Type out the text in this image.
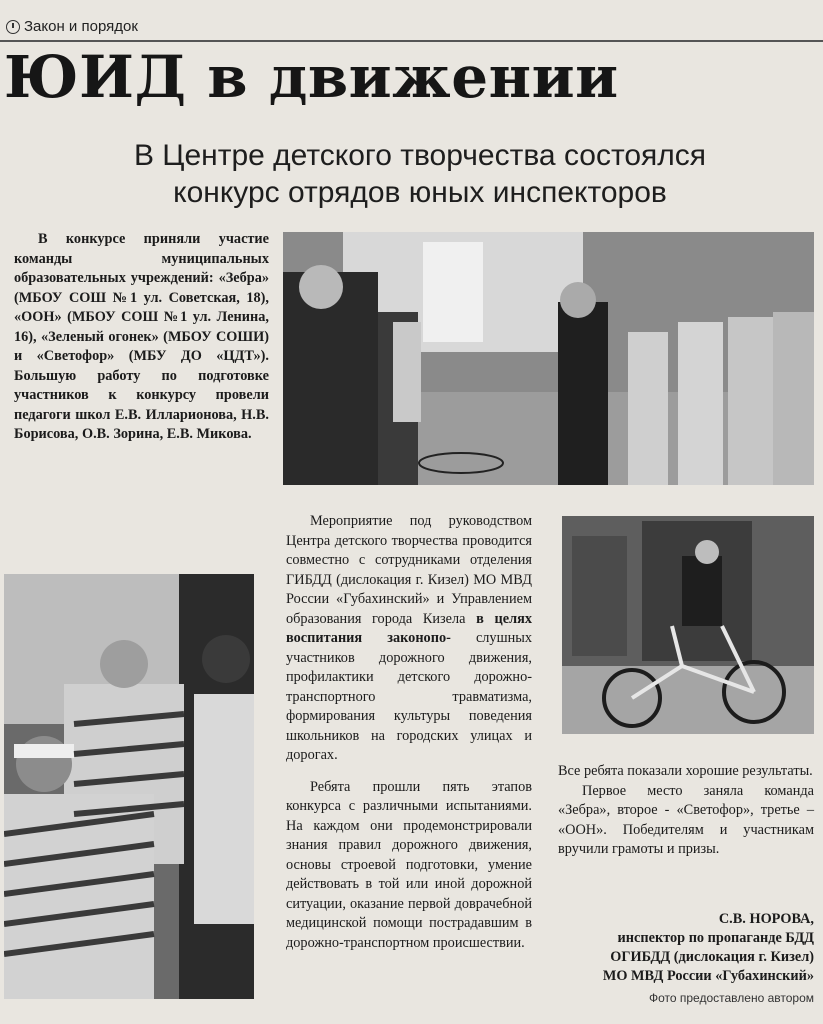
Закон и порядок
ЮИД в движении
В Центре детского творчества состоялся
конкурс отрядов юных инспекторов

В конкурсе приняли участие команды муниципальных образовательных учреждений: «Зебра» (МБОУ СОШ №1 ул. Советская, 18), «ООН» (МБОУ СОШ №1 ул. Ленина, 16), «Зеленый огонек» (МБОУ СОШИ) и «Светофор» (МБУ ДО «ЦДТ»). Большую работу по подготовке участников к конкурсу провели педагоги школ Е.В. Илларионова, Н.В. Борисова, О.В. Зорина, Е.В. Микова.

Мероприятие под руководством Центра детского творчества проводится совместно с сотрудниками отделения ГИБДД (дислокация г. Кизел) МО МВД России «Губахинский» и Управлением образования города Кизела в целях воспитания законопо- слушных участников дорожного движения, профилактики детского дорожно-транспортного травматизма, формирования культуры поведения школьников на городских улицах и дорогах.

Ребята прошли пять этапов конкурса с различными испытаниями. На каждом они продемонстрировали знания правил дорожного движения, основы строевой подготовки, умение действовать в той или иной дорожной ситуации, оказание первой доврачебной медицинской помощи пострадавшим в дорожно-транспортном происшествии.

Все ребята показали хорошие результаты.

Первое место заняла команда «Зебра», второе - «Светофор», третье – «ООН». Победителям и участникам вручили грамоты и призы.

С.В. НОРОВА,
инспектор по пропаганде БДД
ОГИБДД (дислокация г. Кизел)
МО МВД России «Губахинский»
Фото предоставлено автором
